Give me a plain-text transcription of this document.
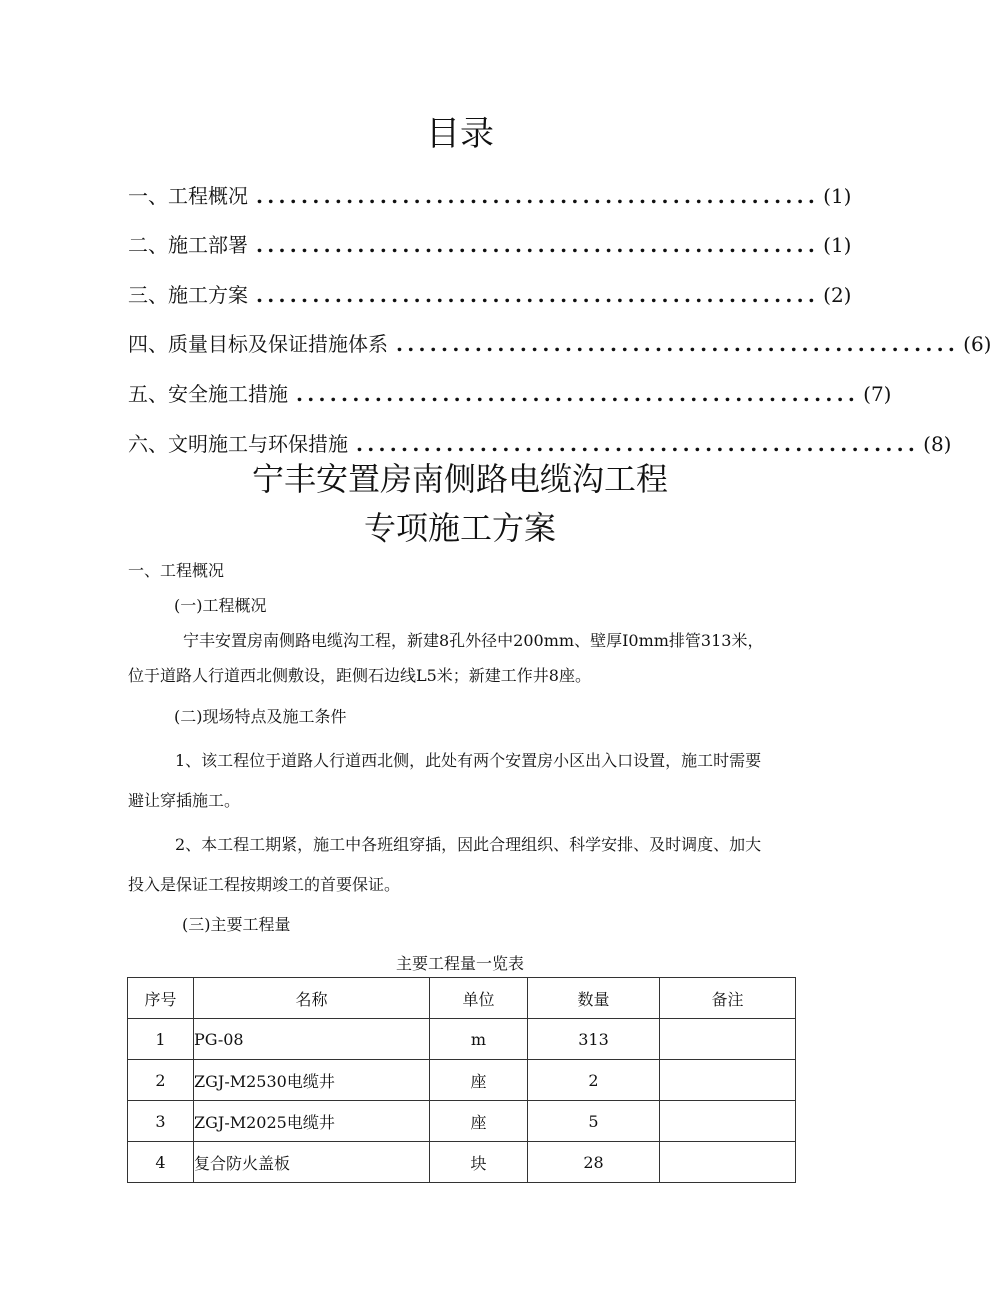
目录
一、工程概况 .................................................. (1)
二、施工部署 .................................................. (1)
三、施工方案 .................................................. (2)
四、质量目标及保证措施体系 .................................................. (6)
五、安全施工措施 .................................................. (7)
六、文明施工与环保措施 .................................................. (8)
宁丰安置房南侧路电缆沟工程
专项施工方案
一、工程概况
(一)工程概况
宁丰安置房南侧路电缆沟工程，新建8孔外径中200mm、壁厚I0mm排管313米，
位于道路人行道西北侧敷设，距侧石边线L5米；新建工作井8座。
(二)现场特点及施工条件
1、该工程位于道路人行道西北侧，此处有两个安置房小区出入口设置，施工时需要
避让穿插施工。
2、本工程工期紧，施工中各班组穿插，因此合理组织、科学安排、及时调度、加大
投入是保证工程按期竣工的首要保证。
(三)主要工程量
主要工程量一览表
序号	名称	单位	数量	备注
1	PG-08	m	313	
2	ZGJ-M2530电缆井	座	2	
3	ZGJ-M2025电缆井	座	5	
4	复合防火盖板	块	28	
